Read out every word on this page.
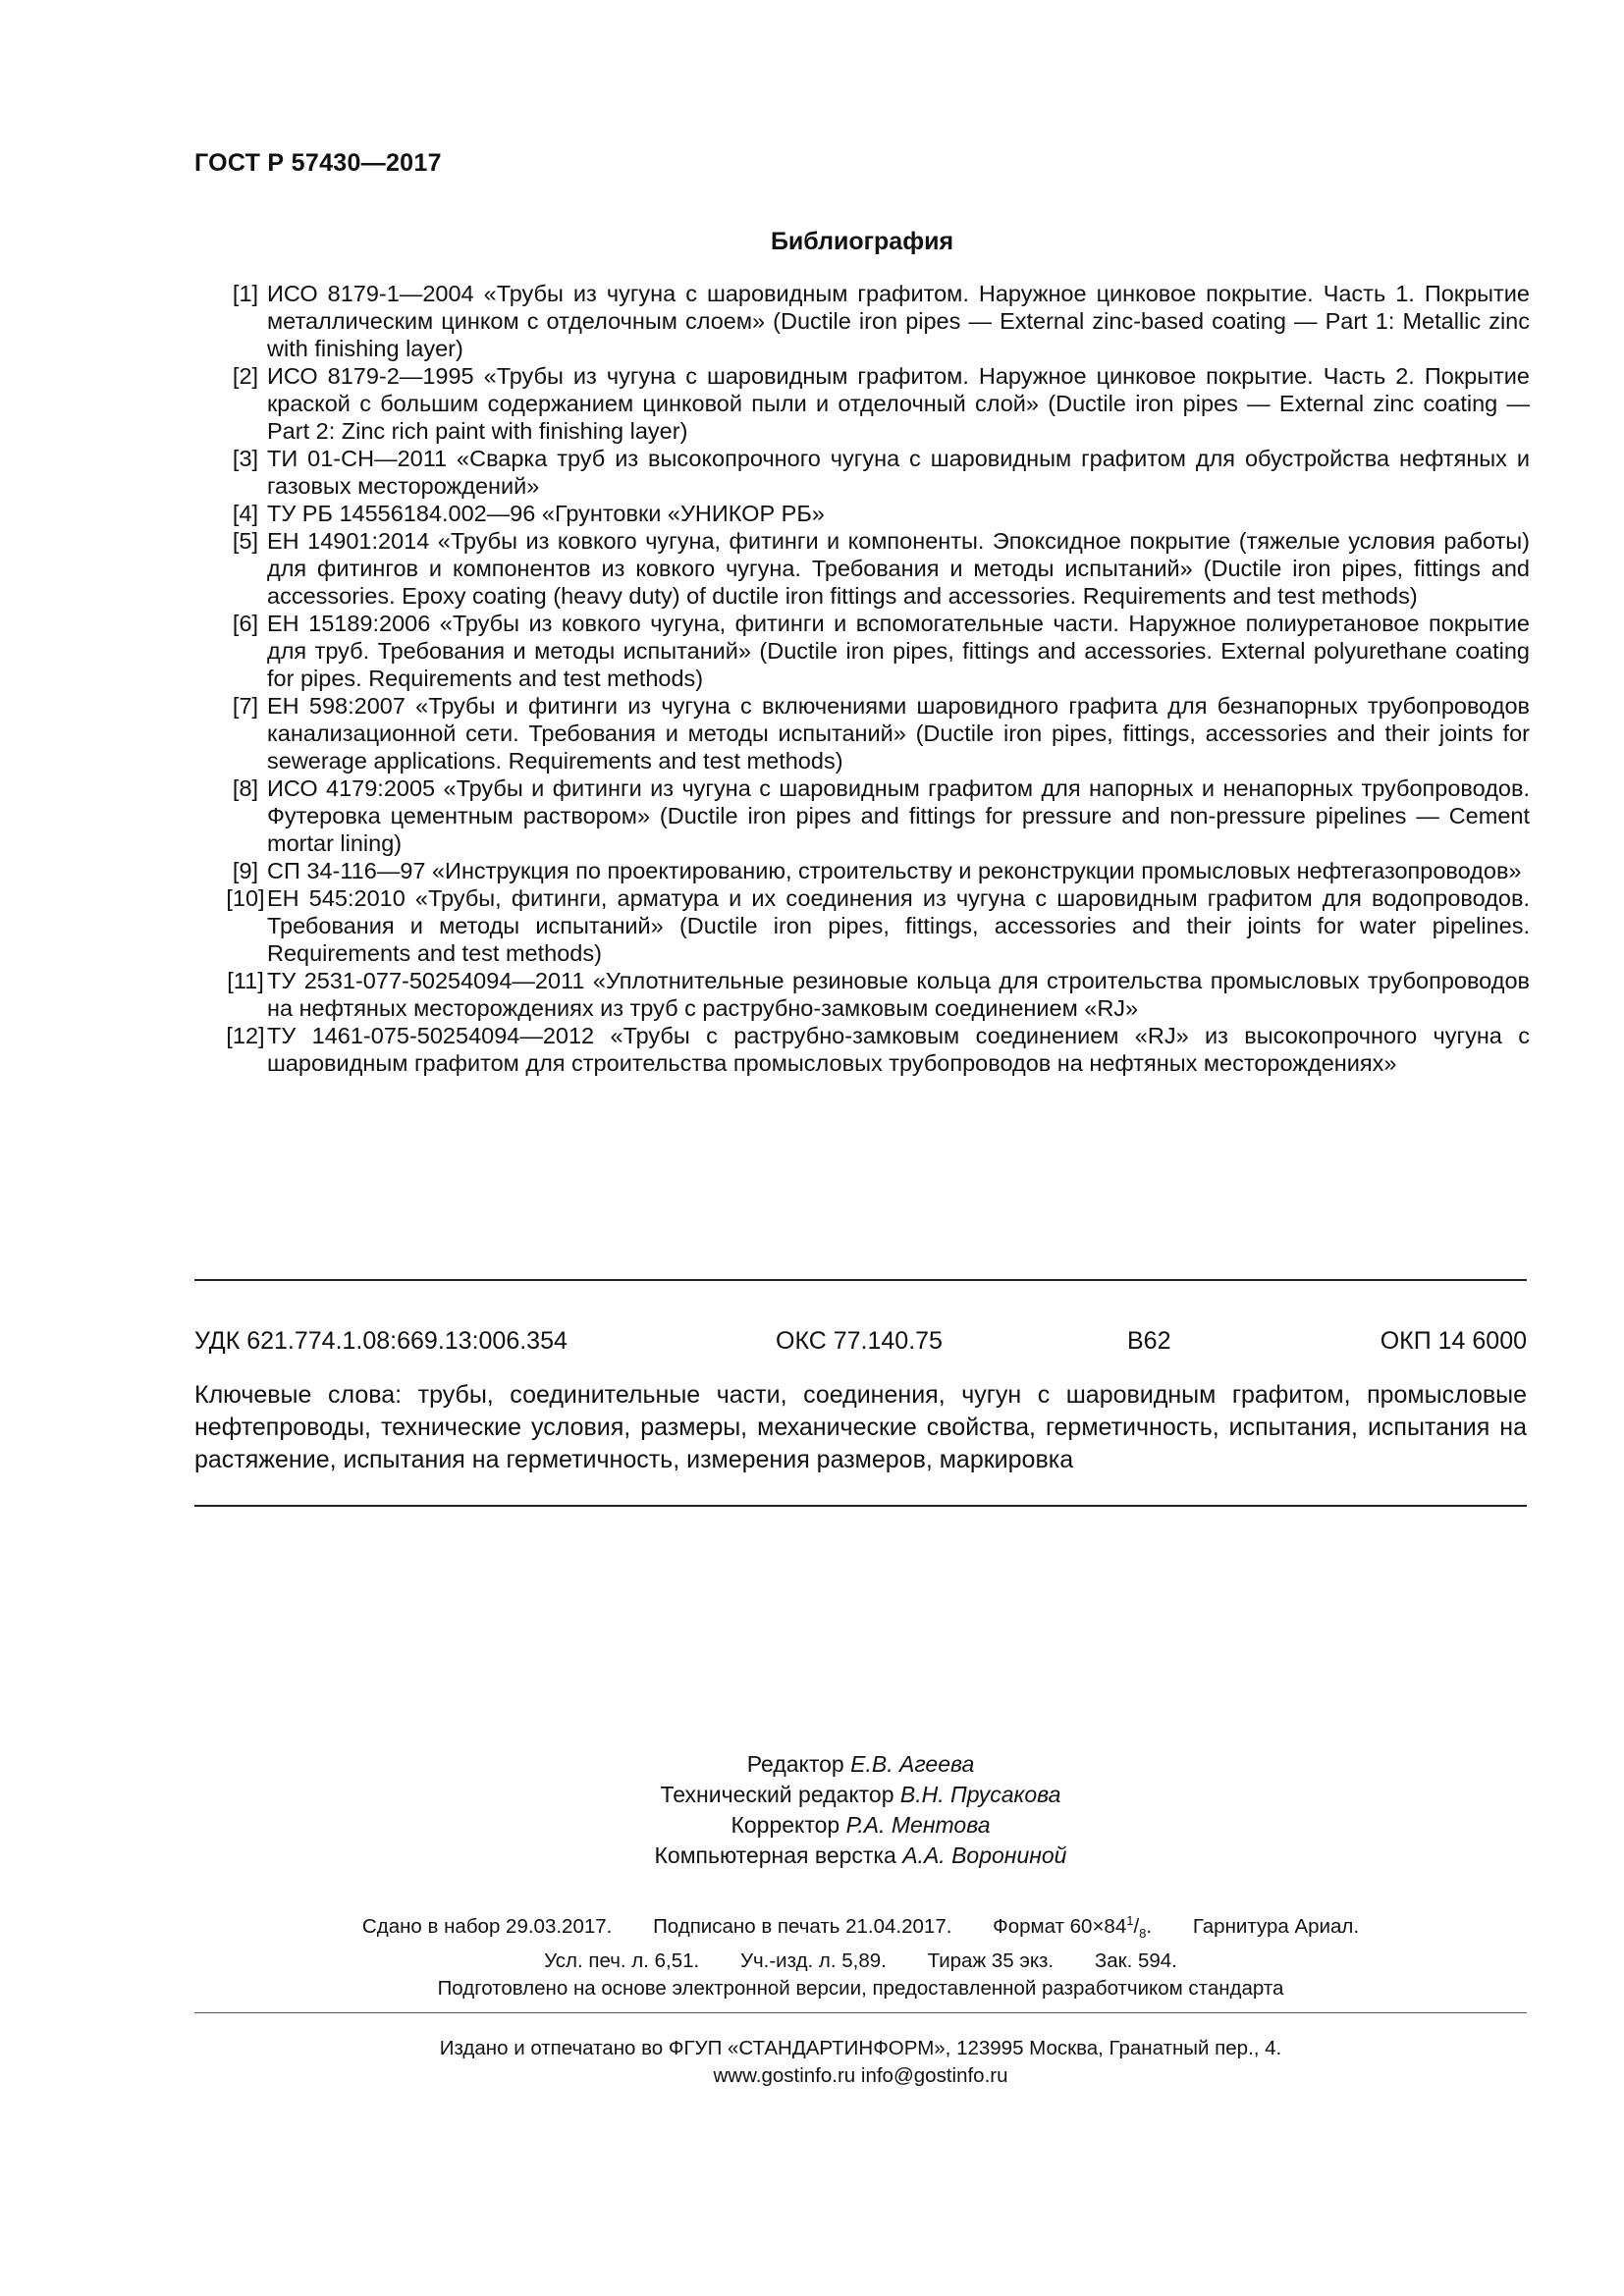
ГОСТ Р 57430—2017
Библиография
[1] ИСО 8179-1—2004 «Трубы из чугуна с шаровидным графитом. Наружное цинковое покрытие. Часть 1. Покрытие металлическим цинком с отделочным слоем» (Ductile iron pipes — External zinc-based coating — Part 1: Metallic zinc with finishing layer)
[2] ИСО 8179-2—1995 «Трубы из чугуна с шаровидным графитом. Наружное цинковое покрытие. Часть 2. Покрытие краской с большим содержанием цинковой пыли и отделочный слой» (Ductile iron pipes — External zinc coating — Part 2: Zinc rich paint with finishing layer)
[3] ТИ 01-СН—2011 «Сварка труб из высокопрочного чугуна с шаровидным графитом для обустройства нефтяных и газовых месторождений»
[4] ТУ РБ 14556184.002—96 «Грунтовки «УНИКОР РБ»
[5] ЕН 14901:2014 «Трубы из ковкого чугуна, фитинги и компоненты. Эпоксидное покрытие (тяжелые условия работы) для фитингов и компонентов из ковкого чугуна. Требования и методы испытаний» (Ductile iron pipes, fittings and accessories. Epoxy coating (heavy duty) of ductile iron fittings and accessories. Requirements and test methods)
[6] ЕН 15189:2006 «Трубы из ковкого чугуна, фитинги и вспомогательные части. Наружное полиуретановое покрытие для труб. Требования и методы испытаний» (Ductile iron pipes, fittings and accessories. External polyurethane coating for pipes. Requirements and test methods)
[7] ЕН 598:2007 «Трубы и фитинги из чугуна с включениями шаровидного графита для безнапорных трубопроводов канализационной сети. Требования и методы испытаний» (Ductile iron pipes, fittings, accessories and their joints for sewerage applications. Requirements and test methods)
[8] ИСО 4179:2005 «Трубы и фитинги из чугуна с шаровидным графитом для напорных и ненапорных трубопроводов. Футеровка цементным раствором» (Ductile iron pipes and fittings for pressure and non-pressure pipelines — Cement mortar lining)
[9] СП 34-116—97 «Инструкция по проектированию, строительству и реконструкции промысловых нефтегазопроводов»
[10] ЕН 545:2010 «Трубы, фитинги, арматура и их соединения из чугуна с шаровидным графитом для водопроводов. Требования и методы испытаний» (Ductile iron pipes, fittings, accessories and their joints for water pipelines. Requirements and test methods)
[11] ТУ 2531-077-50254094—2011 «Уплотнительные резиновые кольца для строительства промысловых трубопроводов на нефтяных месторождениях из труб с раструбно-замковым соединением «RJ»
[12] ТУ 1461-075-50254094—2012 «Трубы с раструбно-замковым соединением «RJ» из высокопрочного чугуна с шаровидным графитом для строительства промысловых трубопроводов на нефтяных месторождениях»
УДК 621.774.1.08:669.13:006.354	ОКС 77.140.75	В62	ОКП 14 6000
Ключевые слова: трубы, соединительные части, соединения, чугун с шаровидным графитом, промысловые нефтепроводы, технические условия, размеры, механические свойства, герметичность, испытания, испытания на растяжение, испытания на герметичность, измерения размеров, маркировка
Редактор Е.В. Агеева
Технический редактор В.Н. Прусакова
Корректор Р.А. Ментова
Компьютерная верстка А.А. Ворониной
Сдано в набор 29.03.2017. Подписано в печать 21.04.2017. Формат $60\times 84^1/_8$. Гарнитура Ариал.
Усл. печ. л. 6,51. Уч.-изд. л. 5,89. Тираж 35 экз. Зак. 594.
Подготовлено на основе электронной версии, предоставленной разработчиком стандарта
Издано и отпечатано во ФГУП «СТАНДАРТИНФОРМ», 123995 Москва, Гранатный пер., 4.
www.gostinfo.ru info@gostinfo.ru
